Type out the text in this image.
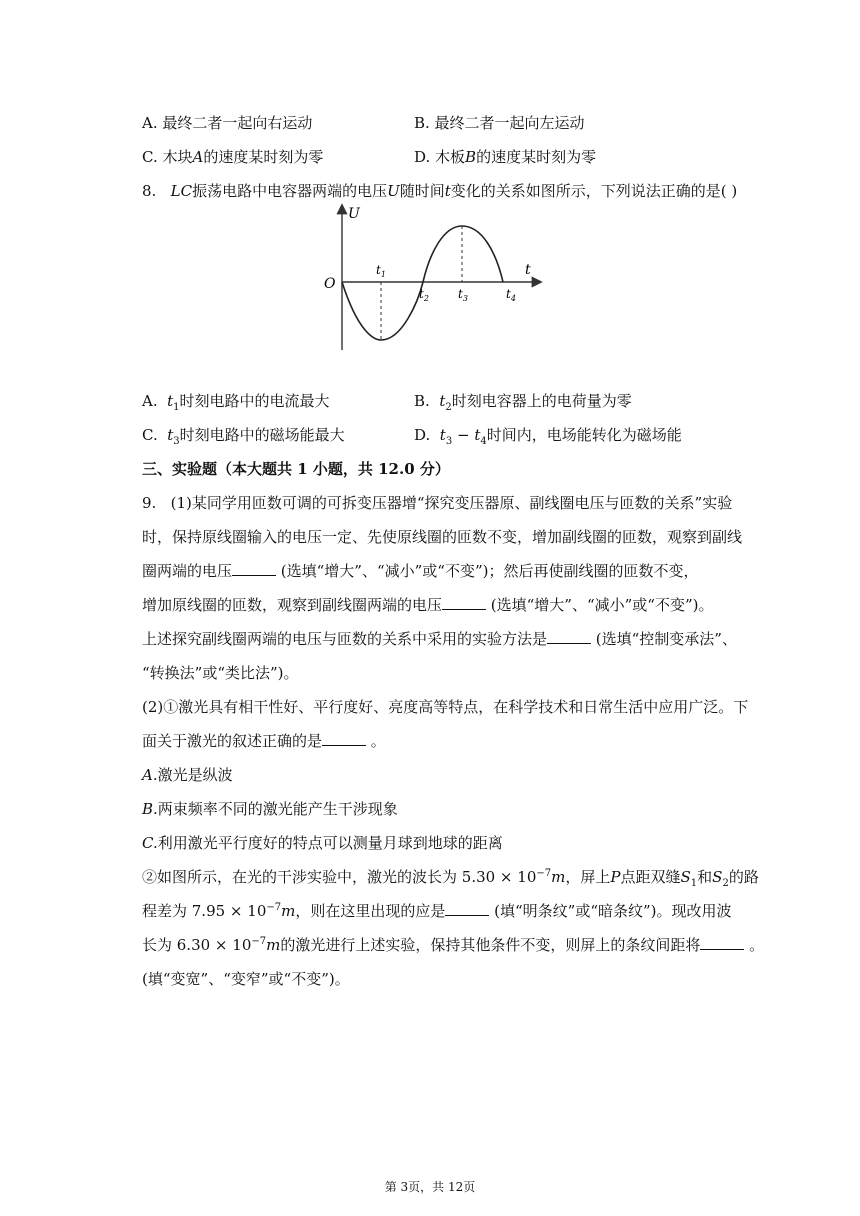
A. 最终二者一起向右运动	B. 最终二者一起向左运动
C. 木块A的速度某时刻为零	D. 木板B的速度某时刻为零
8. LC振荡电路中电容器两端的电压U随时间t变化的关系如图所示，下列说法正确的是( )
U
t
O
$t_1$
$t_2$ $t_3$	$t_4$
A.  $t_1$时刻电路中的电流最大	B.  $t_2$时刻电容器上的电荷量为零
C.  $t_3$时刻电路中的磁场能最大	D.  $t_3 - t_4$时间内，电场能转化为磁场能
三、实验题（本大题共 1 小题，共 12.0 分）
9. (1)某同学用匝数可调的可拆变压器增“探究变压器原、副线圈电压与匝数的关系”实验
时，保持原线圈输入的电压一定、先使原线圈的匝数不变，增加副线圈的匝数，观察到副线
圈两端的电压	(选填“增大”、“减小”或“不变”)；然后再使副线圈的匝数不变，
增加原线圈的匝数，观察到副线圈两端的电压	(选填“增大”、“减小”或“不变”)。
上述探究副线圈两端的电压与匝数的关系中采用的实验方法是	(选填“控制变承法”、
“转换法”或“类比法”)。
(2)①激光具有相干性好、平行度好、亮度高等特点，在科学技术和日常生活中应用广泛。下
面关于激光的叙述正确的是	。
A.激光是纵波
B.两束频率不同的激光能产生干涉现象
C.利用激光平行度好的特点可以测量月球到地球的距离
②如图所示，在光的干涉实验中，激光的波长为 $5.30 \times 10^{-7}m$，屏上P点距双缝$S_1$和$S_2$的路
程差为 $7.95 \times 10^{-7}m$，则在这里出现的应是	(填“明条纹”或“暗条纹”)。现改用波
长为 $6.30 \times 10^{-7}m$的激光进行上述实验，保持其他条件不变，则屏上的条纹间距将	。
(填“变宽”、“变窄”或“不变”)。
第 3页，共 12页
